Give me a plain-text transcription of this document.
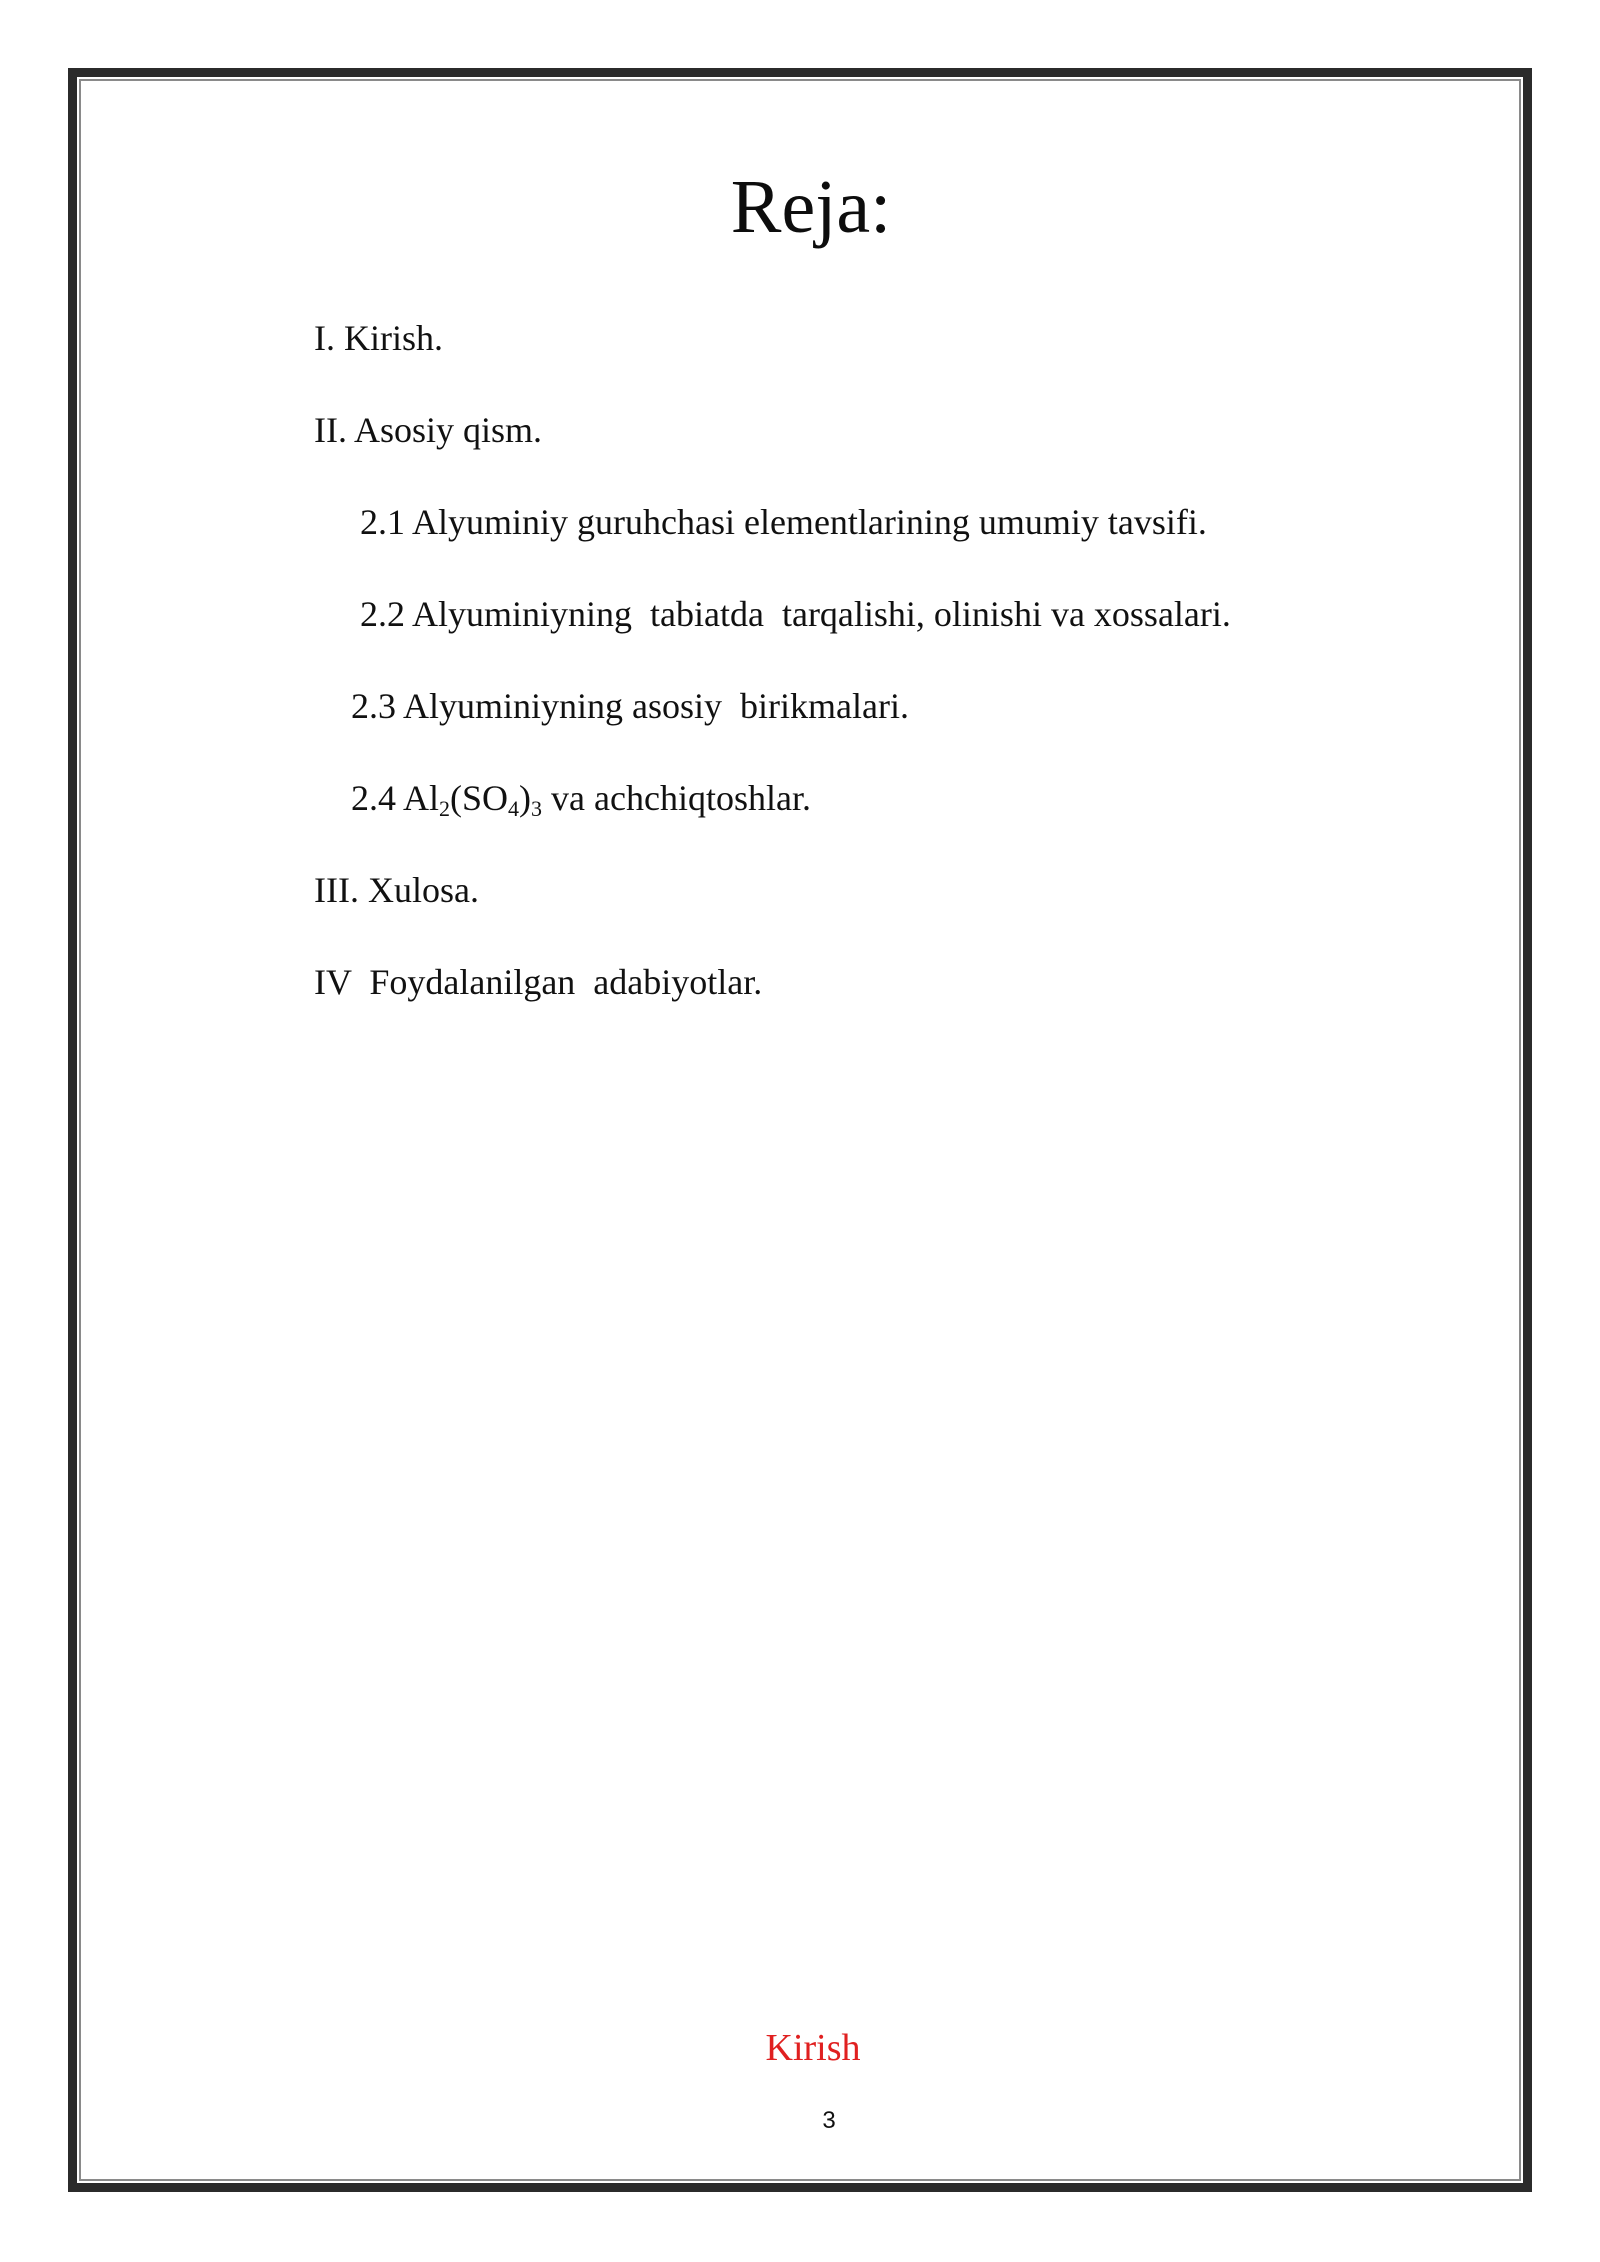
Reja:
I. Kirish.
II. Asosiy qism.
2.1 Alyuminiy guruhchasi elementlarining umumiy tavsifi.
2.2 Alyuminiyning  tabiatda  tarqalishi, olinishi va xossalari.
2.3 Alyuminiyning asosiy  birikmalari.
2.4 $Al_2(SO_4)_3$ va achchiqtoshlar.
III. Xulosa.
IV  Foydalanilgan  adabiyotlar.
Kirish
3
